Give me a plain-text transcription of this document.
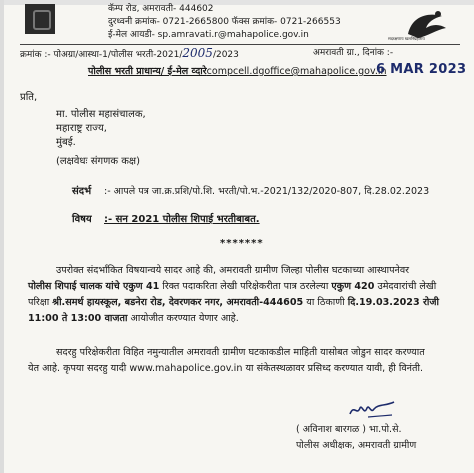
कॅम्प रोड, अमरावती- 444602
दुरध्वनी क्रमांक- 0721-2665800 फॅक्स क्रमांक- 0721-266553
ई-मेल आयडी- sp.amravati.r@mahapolice.gov.in	सदरक्षणाय खलनिग्रहणाय
क्रमांक :- पोअग्रा/आस्था-1/पोलीस भरती-2021/2005/2023	अमरावती ग्रा., दिनांक :-
पोलीस भरती प्राधान्य/ ई-मेल व्दारेcompcell.dgoffice@mahapolice.gov.in
6 MAR 2023
प्रति,
मा. पोलीस महासंचालक,
महाराष्ट्र राज्य,
मुंबई.
(लक्षवेधः संगणक कक्ष)
संदर्भ :- आपले पत्र जा.क्र.प्रशि/पो.शि. भरती/पो.भ.-2021/132/2020-807, दि.28.02.2023
विषय :- सन 2021 पोलीस शिपाई भरतीबाबत.
*******
उपरोक्त संदर्भांकित विषयान्वये सादर आहे की, अमरावती ग्रामीण जिल्हा पोलीस घटकाच्या आस्थापनेवर
पोलीस शिपाई चालक यांचे एकुण 41 रिक्त पदाकरिता लेखी परिक्षेकरीता पात्र ठरलेल्या एकुण 420 उमेदवारांची लेखी
परिक्षा श्री.समर्थ हायस्कूल, बडनेरा रोड, देवरणकर नगर, अमरावती-444605 या ठिकाणी दि.19.03.2023 रोजी
11:00 ते 13:00 वाजता आयोजीत करण्यात येणार आहे.
सदरहु परिक्षेकरीता विहित नमुन्यातील अमरावती ग्रामीण घटकाकडील माहिती यासोबत जोडुन सादर करण्यात
येत आहे. कृपया सदरहु यादी www.mahapolice.gov.in या संकेतस्थळावर प्रसिध्द करण्यात यावी, ही विनंती.
( अविनाश बारगळ ) भा.पो.से.
पोलीस अधीक्षक, अमरावती ग्रामीण
